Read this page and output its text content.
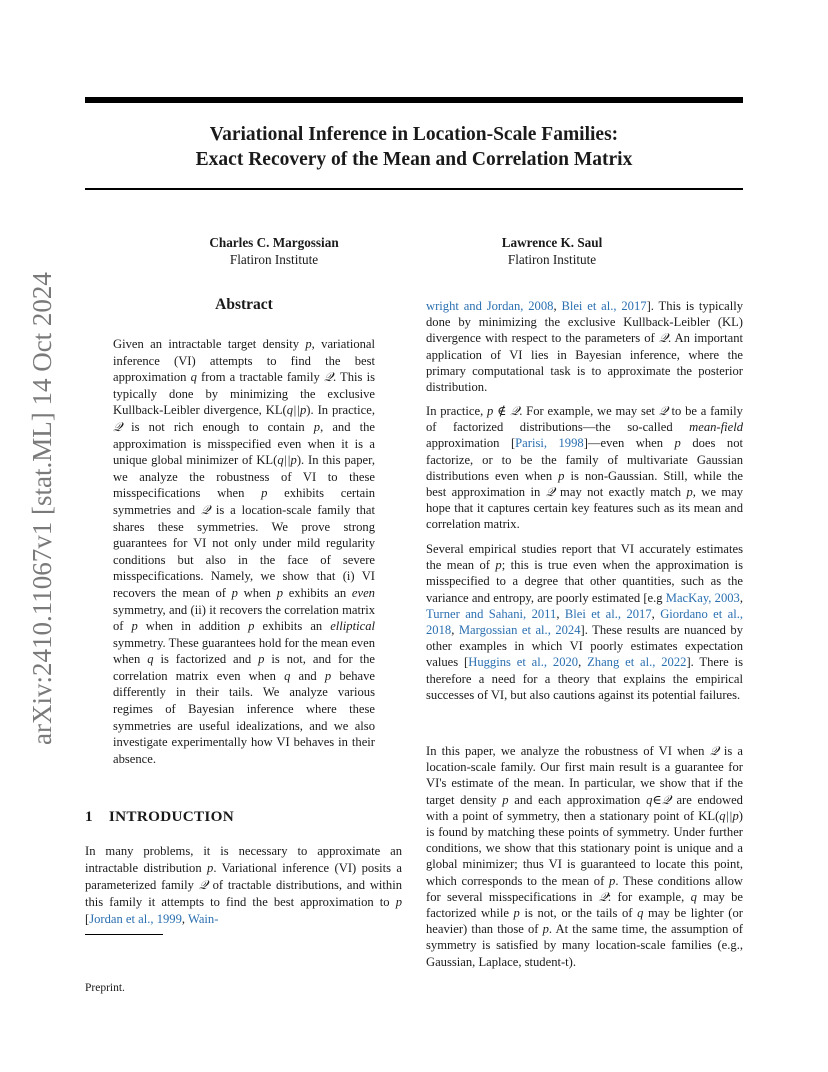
Variational Inference in Location-Scale Families:
Exact Recovery of the Mean and Correlation Matrix
Charles C. Margossian
Flatiron Institute
Lawrence K. Saul
Flatiron Institute
arXiv:2410.11067v1 [stat.ML] 14 Oct 2024	Abstract

Given an intractable target density p, variational inference (VI) attempts to find the best approximation q from a tractable family 𝒬. This is typically done by minimizing the exclusive Kullback-Leibler divergence, KL(q||p). In practice, 𝒬 is not rich enough to contain p, and the approximation is misspecified even when it is a unique global minimizer of KL(q||p). In this paper, we analyze the robustness of VI to these misspecifications when p exhibits certain symmetries and 𝒬 is a location-scale family that shares these symmetries. We prove strong guarantees for VI not only under mild regularity conditions but also in the face of severe misspecifications. Namely, we show that (i) VI recovers the mean of p when p exhibits an even symmetry, and (ii) it recovers the correlation matrix of p when in addition p exhibits an elliptical symmetry. These guarantees hold for the mean even when q is factorized and p is not, and for the correlation matrix even when q and p behave differently in their tails. We analyze various regimes of Bayesian inference where these symmetries are useful idealizations, and we also investigate experimentally how VI behaves in their absence.

1 INTRODUCTION

In many problems, it is necessary to approximate an intractable distribution p. Variational inference (VI) posits a parameterized family 𝒬 of tractable distributions, and within this family it attempts to find the best approximation to p [Jordan et al., 1999, Wain-

Preprint.

wright and Jordan, 2008, Blei et al., 2017]. This is typically done by minimizing the exclusive Kullback-Leibler (KL) divergence with respect to the parameters of 𝒬. An important application of VI lies in Bayesian inference, where the primary computational task is to approximate the posterior distribution.

In practice, p ∉ 𝒬. For example, we may set 𝒬 to be a family of factorized distributions—the so-called mean-field approximation [Parisi, 1998]—even when p does not factorize, or to be the family of multivariate Gaussian distributions even when p is non-Gaussian. Still, while the best approximation in 𝒬 may not exactly match p, we may hope that it captures certain key features such as its mean and correlation matrix.

Several empirical studies report that VI accurately estimates the mean of p; this is true even when the approximation is misspecified to a degree that other quantities, such as the variance and entropy, are poorly estimated [e.g MacKay, 2003, Turner and Sahani, 2011, Blei et al., 2017, Giordano et al., 2018, Margossian et al., 2024]. These results are nuanced by other examples in which VI poorly estimates expectation values [Huggins et al., 2020, Zhang et al., 2022]. There is therefore a need for a theory that explains the empirical successes of VI, but also cautions against its potential failures.

In this paper, we analyze the robustness of VI when 𝒬 is a location-scale family. Our first main result is a guarantee for VI's estimate of the mean. In particular, we show that if the target density p and each approximation q∈𝒬 are endowed with a point of symmetry, then a stationary point of KL(q||p) is found by matching these points of symmetry. Under further conditions, we show that this stationary point is unique and a global minimizer; thus VI is guaranteed to locate this point, which corresponds to the mean of p. These conditions allow for several misspecifications in 𝒬: for example, q may be factorized while p is not, or the tails of q may be lighter (or heavier) than those of p. At the same time, the assumption of symmetry is satisfied by many location-scale families (e.g., Gaussian, Laplace, student-t).
